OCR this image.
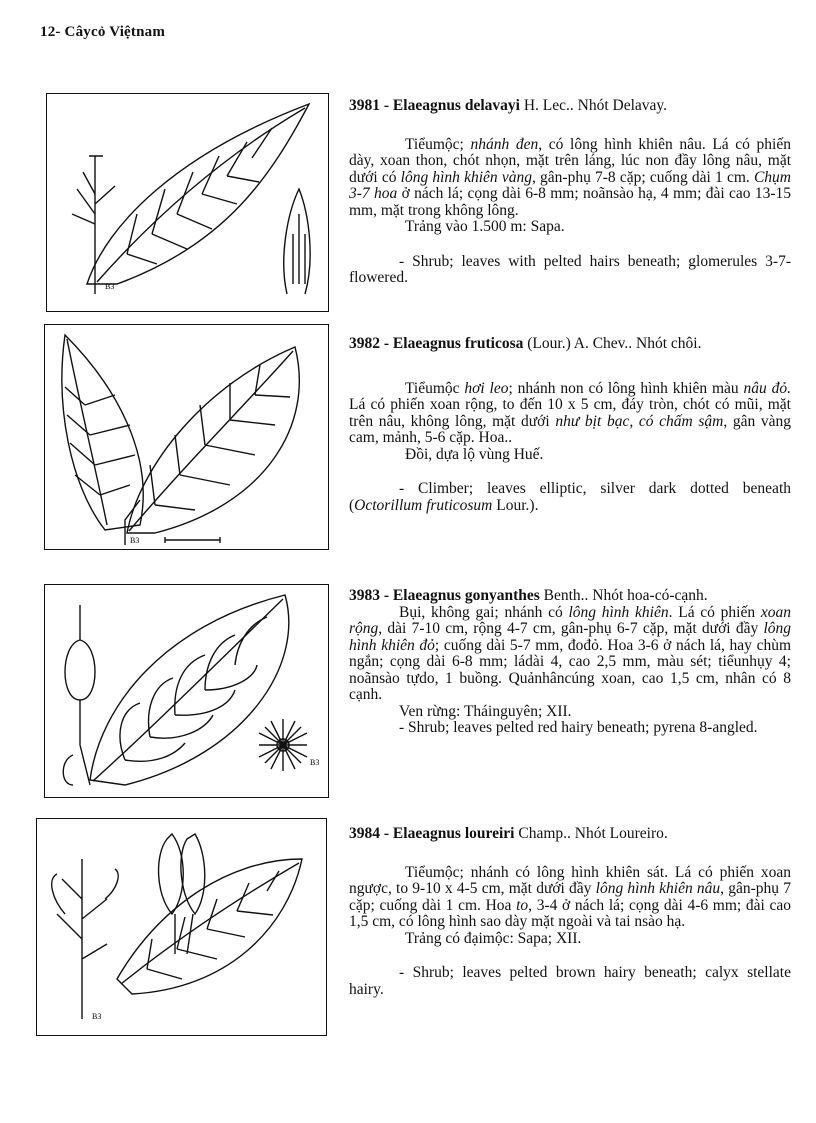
12- Câycỏ Việtnam
B3

3981 - Elaeagnus delavayi H. Lec.. Nhót Delavay.

Tiểumộc; nhánh đen, có lông hình khiên nâu. Lá có phiến dày, xoan thon, chót nhọn, mặt trên láng, lúc non đầy lông nâu, mặt dưới có lông hình khiên vàng, gân-phụ 7-8 cặp; cuống dài 1 cm. Chụm 3-7 hoa ở nách lá; cọng dài 6-8 mm; noãnsào hạ, 4 mm; đài cao 13-15 mm, mặt trong không lông.

Trảng vào 1.500 m: Sapa.

- Shrub; leaves with pelted hairs beneath; glomerules 3-7-flowered.

B3

3982 - Elaeagnus fruticosa (Lour.) A. Chev.. Nhót chôi.

Tiểumộc hơi leo; nhánh non có lông hình khiên màu nâu đỏ. Lá có phiến xoan rộng, to đến 10 x 5 cm, đáy tròn, chót có mũi, mặt trên nâu, không lông, mặt dưới như bịt bạc, có chấm sậm, gân vàng cam, mảnh, 5-6 cặp. Hoa..

Đồi, dựa lộ vùng Huế.

- Climber; leaves elliptic, silver dark dotted beneath (Octorillum fruticosum Lour.).

B3

3983 - Elaeagnus gonyanthes Benth.. Nhót hoa-có-cạnh.

Bụi, không gai; nhánh có lông hình khiên. Lá có phiến xoan rộng, dài 7-10 cm, rộng 4-7 cm, gân-phụ 6-7 cặp, mặt dưới đầy lông hình khiên đỏ; cuống dài 5-7 mm, đođỏ. Hoa 3-6 ở nách lá, hay chùm ngắn; cọng dài 6-8 mm; ládài 4, cao 2,5 mm, màu sét; tiểunhụy 4; noãnsào tựdo, 1 buồng. Quảnhâncúng xoan, cao 1,5 cm, nhân có 8 cạnh.

Ven rừng: Tháinguyên; XII.

- Shrub; leaves pelted red hairy beneath; pyrena 8-angled.

B3

3984 - Elaeagnus loureiri Champ.. Nhót Loureiro.

Tiểumộc; nhánh có lông hình khiên sát. Lá có phiến xoan ngược, to 9-10 x 4-5 cm, mặt dưới đầy lông hình khiên nâu, gân-phụ 7 cặp; cuống dài 1 cm. Hoa to, 3-4 ở nách lá; cọng dài 4-6 mm; đài cao 1,5 cm, có lông hình sao dày mặt ngoài và tai nsào hạ.

Trảng có đạimộc: Sapa; XII.

- Shrub; leaves pelted brown hairy beneath; calyx stellate hairy.
